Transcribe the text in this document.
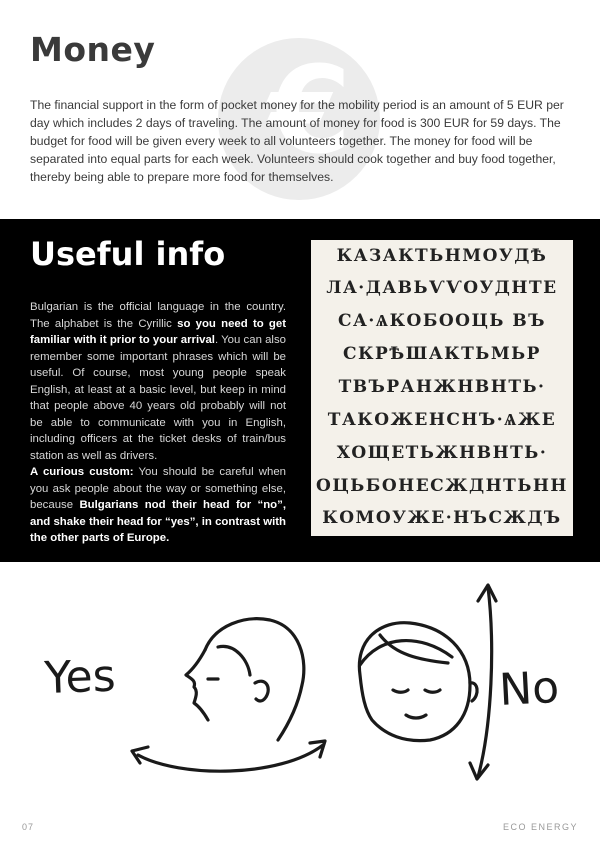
€
Money

The financial support in the form of pocket money for the mobility period is an amount of 5 EUR per day which includes 2 days of traveling. The amount of money for food is 300 EUR for 59 days. The budget for food will be given every week to all volunteers together. The money for food will be separated into equal parts for each week. Volunteers should cook together and buy food together, thereby being able to prepare more food for themselves.

Useful info

Bulgarian is the official language in the country. The alphabet is the Cyrillic so you need to get familiar with it prior to your arrival. You can also remember some important phrases which will be useful. Of course, most young people speak English, at least at a basic level, but keep in mind that people above 40 years old probably will not be able to communicate with you in English, including officers at the ticket desks of train/bus station as well as drivers.

A curious custom: You should be careful when you ask people about the way or something else, because Bulgarians nod their head for “no”, and shake their head for “yes”, in contrast with the other parts of Europe.

КАЗАКТЬНМОУДѢ

ЛА·ДАВЬѴѴОУДНТЕ

СА·ѦКОБООЦЬ ВЪ

СКРѢШАКТЬМЬР

ТВЪРАНЖНВНТЬ·

ТАКОЖЕНСНЪ·ѦЖЕ

ХОЩЕТЬЖНВНТЬ·

ОЦЬБОНЕСЖДНТЬНН

КОМОУЖЕ·НЪСЖДЪ

Yes	No
07	ECO ENERGY
